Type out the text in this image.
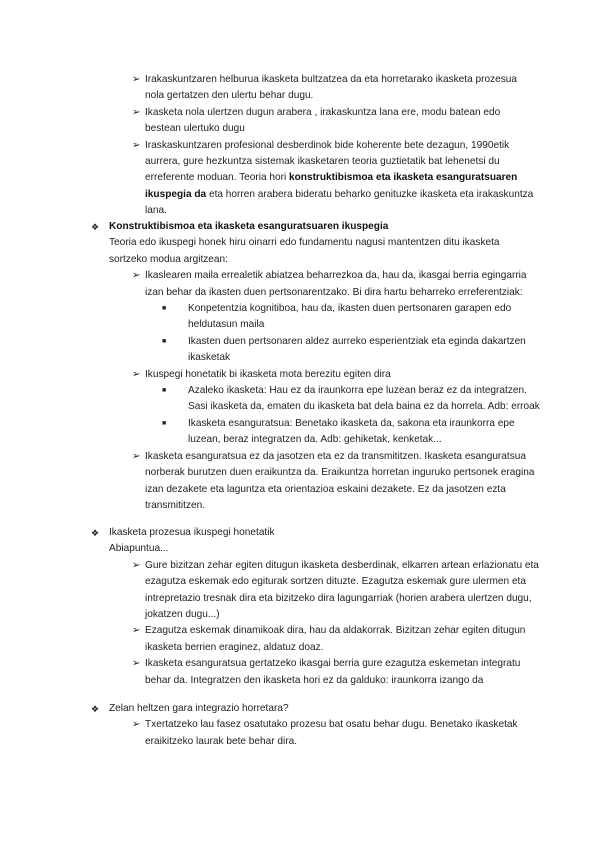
➢ Irakaskuntzaren helburua ikasketa bultzatzea da eta horretarako ikasketa prozesua nola gertatzen den ulertu behar dugu.
➢ Ikasketa nola ulertzen dugun arabera , irakaskuntza lana ere, modu batean edo bestean ulertuko dugu
➢ Iraskaskuntzaren profesional desberdinok bide koherente bete dezagun, 1990etik aurrera, gure hezkuntza sistemak ikasketaren teoria guztietatik bat lehenetsi du erreferente moduan. Teoria hori konstruktibismoa eta ikasketa esanguratsuaren ikuspegia da eta horren arabera bideratu beharko genituzke ikasketa eta irakaskuntza lana.
❖ Konstruktibismoa eta ikasketa esanguratsuaren ikuspegia
Teoria edo ikuspegi honek hiru oinarri edo fundamentu nagusi mantentzen ditu ikasketa sortzeko modua argitzean:
➢ Ikaslearen maila errealetik abiatzea beharrezkoa da, hau da, ikasgai berria egingarria izan behar da ikasten duen pertsonarentzako. Bi dira hartu beharreko erreferentziak:
■ Konpetentzia kognitiboa, hau da, ikasten duen pertsonaren garapen edo heldutasun maila
■ Ikasten duen pertsonaren aldez aurreko esperientziak eta eginda dakartzen ikasketak
➢ Ikuspegi honetatik bi ikasketa mota berezitu egiten dira
■ Azaleko ikasketa: Hau ez da iraunkorra epe luzean beraz ez da integratzen. Sasi ikasketa da, ematen du ikasketa bat dela baina ez da horrela. Adb: erroak
■ Ikasketa esanguratsua: Benetako ikasketa da, sakona eta iraunkorra epe luzean, beraz integratzen da. Adb: gehiketak, kenketak...
➢ Ikasketa esanguratsua ez da jasotzen eta ez da transmititzen. Ikasketa esanguratsua norberak burutzen duen eraikuntza da. Eraikuntza horretan inguruko pertsonek eragina izan dezakete eta laguntza eta orientazioa eskaini dezakete. Ez da jasotzen ezta transmititzen.
❖ Ikasketa prozesua ikuspegi honetatik
Abiapuntua...
➢ Gure bizitzan zehar egiten ditugun ikasketa desberdinak, elkarren artean erlazionatu eta ezagutza eskemak edo egiturak sortzen dituzte. Ezagutza eskemak gure ulermen eta intrepretazio tresnak dira eta bizitzeko dira lagungarriak (horien arabera ulertzen dugu, jokatzen dugu...)
➢ Ezagutza eskemak dinamikoak dira, hau da aldakorrak. Bizitzan zehar egiten ditugun ikasketa berrien eraginez, aldatuz doaz.
➢ Ikasketa esanguratsua gertatzeko ikasgai berria gure ezagutza eskemetan integratu behar da. Integratzen den ikasketa hori ez da galduko: iraunkorra izango da
❖ Zelan heltzen gara integrazio horretara?
➢ Txertatzeko lau fasez osatutako prozesu bat osatu behar dugu. Benetako ikasketak eraikitzeko laurak bete behar dira.
